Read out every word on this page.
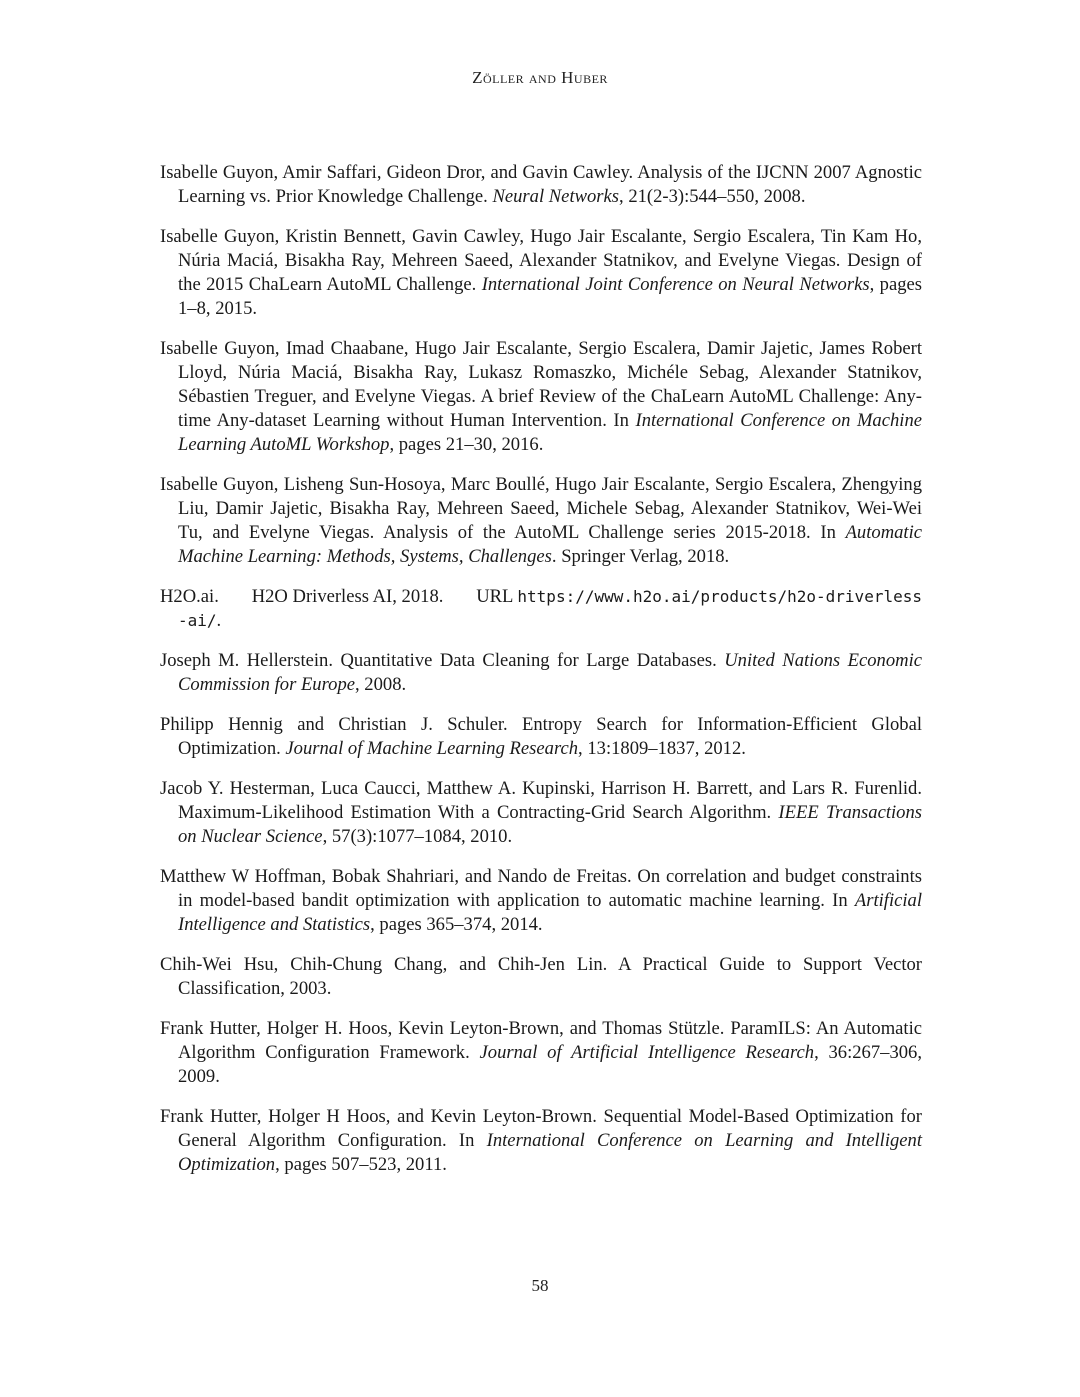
Zöller and Huber

Isabelle Guyon, Amir Saffari, Gideon Dror, and Gavin Cawley. Analysis of the IJCNN 2007 Agnostic Learning vs. Prior Knowledge Challenge. Neural Networks, 21(2-3):544–550, 2008.

Isabelle Guyon, Kristin Bennett, Gavin Cawley, Hugo Jair Escalante, Sergio Escalera, Tin Kam Ho, Núria Maciá, Bisakha Ray, Mehreen Saeed, Alexander Statnikov, and Evelyne Viegas. Design of the 2015 ChaLearn AutoML Challenge. International Joint Conference on Neural Networks, pages 1–8, 2015.

Isabelle Guyon, Imad Chaabane, Hugo Jair Escalante, Sergio Escalera, Damir Jajetic, James Robert Lloyd, Núria Maciá, Bisakha Ray, Lukasz Romaszko, Michéle Sebag, Alexander Statnikov, Sébastien Treguer, and Evelyne Viegas. A brief Review of the ChaLearn AutoML Challenge: Any-time Any-dataset Learning without Human Intervention. In International Conference on Machine Learning AutoML Workshop, pages 21–30, 2016.

Isabelle Guyon, Lisheng Sun-Hosoya, Marc Boullé, Hugo Jair Escalante, Sergio Escalera, Zhengying Liu, Damir Jajetic, Bisakha Ray, Mehreen Saeed, Michele Sebag, Alexander Statnikov, Wei-Wei Tu, and Evelyne Viegas. Analysis of the AutoML Challenge series 2015-2018. In Automatic Machine Learning: Methods, Systems, Challenges. Springer Verlag, 2018.

H2O.ai. H2O Driverless AI, 2018. URL https://www.h2o.ai/products/h2o-driverless-ai/.

Joseph M. Hellerstein. Quantitative Data Cleaning for Large Databases. United Nations Economic Commission for Europe, 2008.

Philipp Hennig and Christian J. Schuler. Entropy Search for Information-Efficient Global Optimization. Journal of Machine Learning Research, 13:1809–1837, 2012.

Jacob Y. Hesterman, Luca Caucci, Matthew A. Kupinski, Harrison H. Barrett, and Lars R. Furenlid. Maximum-Likelihood Estimation With a Contracting-Grid Search Algorithm. IEEE Transactions on Nuclear Science, 57(3):1077–1084, 2010.

Matthew W Hoffman, Bobak Shahriari, and Nando de Freitas. On correlation and budget constraints in model-based bandit optimization with application to automatic machine learning. In Artificial Intelligence and Statistics, pages 365–374, 2014.

Chih-Wei Hsu, Chih-Chung Chang, and Chih-Jen Lin. A Practical Guide to Support Vector Classification, 2003.

Frank Hutter, Holger H. Hoos, Kevin Leyton-Brown, and Thomas Stützle. ParamILS: An Automatic Algorithm Configuration Framework. Journal of Artificial Intelligence Research, 36:267–306, 2009.

Frank Hutter, Holger H Hoos, and Kevin Leyton-Brown. Sequential Model-Based Optimization for General Algorithm Configuration. In International Conference on Learning and Intelligent Optimization, pages 507–523, 2011.

58
